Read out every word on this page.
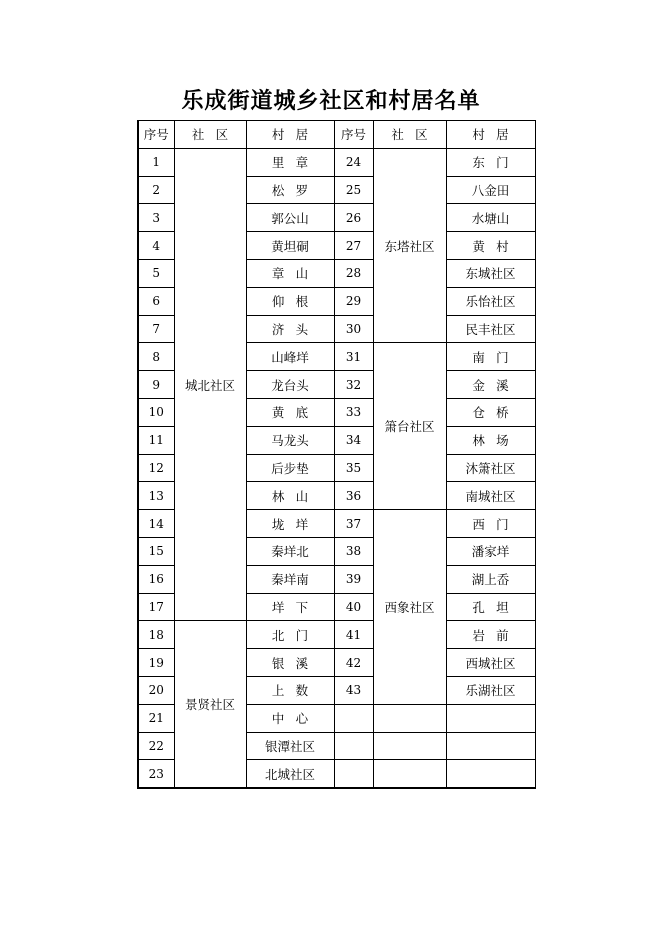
乐成街道城乡社区和村居名单
序号	社区	村居	序号	社区	村居
1	城北社区	里章	24	东塔社区	东门
2		松罗	25		八金田
3		郭公山	26		水塘山
4		黄坦硐	27		黄村
5		章山	28		东城社区
6		仰根	29		乐怡社区
7		济头	30		民丰社区
8		山峰垟	31	箫台社区	南门
9		龙台头	32		金溪
10		黄底	33		仓桥
11		马龙头	34		林场
12		后步垫	35		沐箫社区
13		林山	36		南城社区
14		垅垟	37	西象社区	西门
15		秦垟北	38		潘家垟
16		秦垟南	39		湖上岙
17		垟下	40		孔坦
18	景贤社区	北门	41		岩前
19		银溪	42		西城社区
20		上数	43		乐湖社区
21		中心			
22		银潭社区			
23		北城社区			
